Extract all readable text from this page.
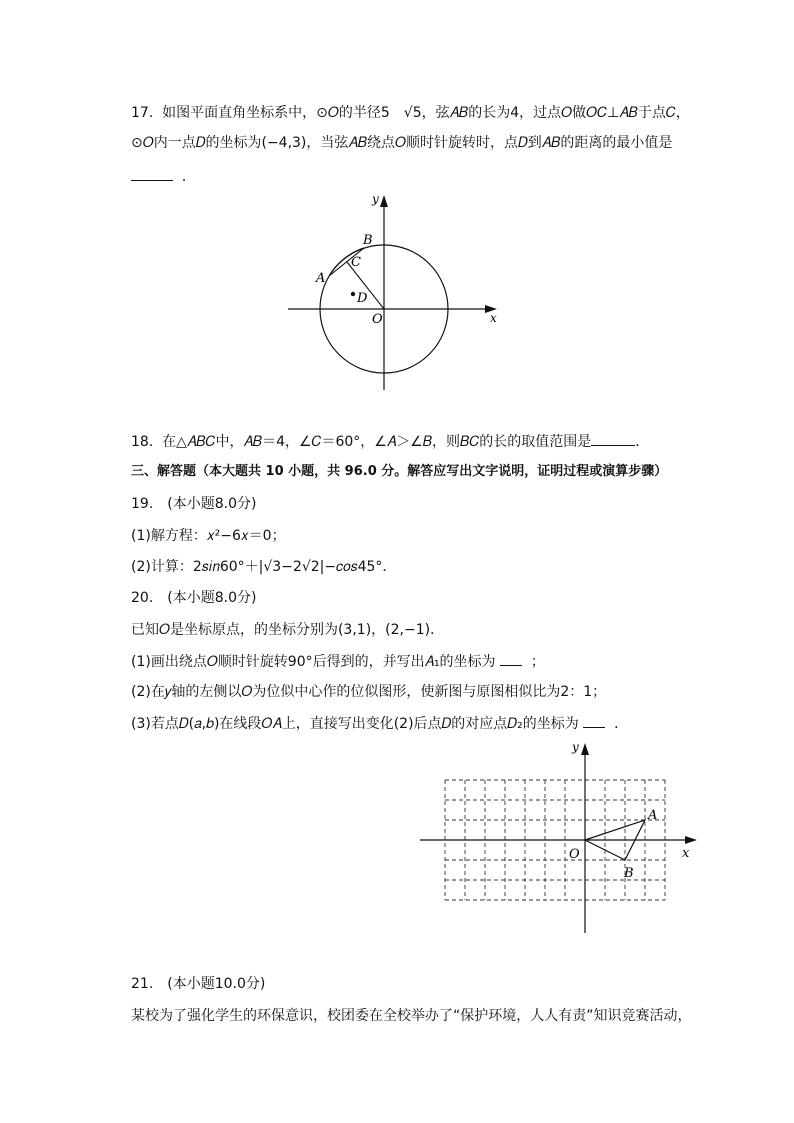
17. 如图平面直角坐标系中，⊙𝑂的半径5　√5，弦𝐴𝐵的长为4，过点𝑂做𝑂𝐶⊥𝐴𝐵于点𝐶，
⊙𝑂内一点𝐷的坐标为(−4,3)，当弦𝐴𝐵绕点𝑂顺时针旋转时，点𝐷到𝐴𝐵的距离的最小值是
．
y
x
O
A
B
C
D
18. 在△𝐴𝐵𝐶中，𝐴𝐵＝4，∠𝐶＝60°，∠𝐴＞∠𝐵，则𝐵𝐶的长的取值范围是	．
三、解答题（本大题共 10 小题，共 96.0 分。解答应写出文字说明，证明过程或演算步骤）
19.　(本小题8.0分)
(1)解方程：𝑥²−6𝑥＝0；
(2)计算：2𝑠𝑖𝑛60°＋|√3−2√2|−𝑐𝑜𝑠45°．
20.　(本小题8.0分)
已知𝑂是坐标原点，的坐标分别为(3,1)，(2,−1)．
(1)画出绕点𝑂顺时针旋转90°后得到的，并写出𝐴₁的坐标为	；
(2)在𝑦轴的左侧以𝑂为位似中心作的位似图形，使新图与原图相似比为2：1；
(3)若点𝐷(𝑎,𝑏)在线段𝑂𝐴上，直接写出变化(2)后点𝐷的对应点𝐷₂的坐标为	．
y
x
O
A
B
21.　(本小题10.0分)
某校为了强化学生的环保意识，校团委在全校举办了“保护环境，人人有责”知识竞赛活动，
